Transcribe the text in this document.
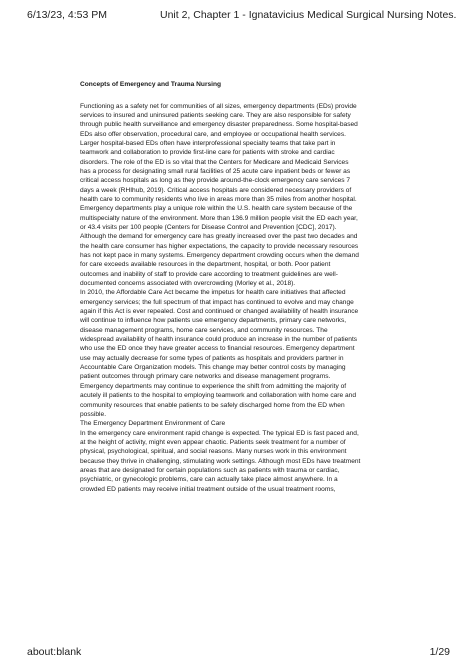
6/13/23, 4:53 PM	Unit 2, Chapter 1 - Ignatavicius Medical Surgical Nursing Notes.
Concepts of Emergency and Trauma Nursing

Functioning as a safety net for communities of all sizes, emergency departments (EDs) provide
services to insured and uninsured patients seeking care. They are also responsible for safety
through public health surveillance and emergency disaster preparedness. Some hospital-based
EDs also offer observation, procedural care, and employee or occupational health services.
Larger hospital-based EDs often have interprofessional specialty teams that take part in
teamwork and collaboration to provide first-line care for patients with stroke and cardiac
disorders. The role of the ED is so vital that the Centers for Medicare and Medicaid Services
has a process for designating small rural facilities of 25 acute care inpatient beds or fewer as
critical access hospitals as long as they provide around-the-clock emergency care services 7
days a week (RHIhub, 2019). Critical access hospitals are considered necessary providers of
health care to community residents who live in areas more than 35 miles from another hospital.
Emergency departments play a unique role within the U.S. health care system because of the
multispecialty nature of the environment. More than 136.9 million people visit the ED each year,
or 43.4 visits per 100 people (Centers for Disease Control and Prevention [CDC], 2017).
Although the demand for emergency care has greatly increased over the past two decades and
the health care consumer has higher expectations, the capacity to provide necessary resources
has not kept pace in many systems. Emergency department crowding occurs when the demand
for care exceeds available resources in the department, hospital, or both. Poor patient
outcomes and inability of staff to provide care according to treatment guidelines are well-
documented concerns associated with overcrowding (Morley et al., 2018).

In 2010, the Affordable Care Act became the impetus for health care initiatives that affected
emergency services; the full spectrum of that impact has continued to evolve and may change
again if this Act is ever repealed. Cost and continued or changed availability of health insurance
will continue to influence how patients use emergency departments, primary care networks,
disease management programs, home care services, and community resources. The
widespread availability of health insurance could produce an increase in the number of patients
who use the ED once they have greater access to financial resources. Emergency department
use may actually decrease for some types of patients as hospitals and providers partner in
Accountable Care Organization models. This change may better control costs by managing
patient outcomes through primary care networks and disease management programs.
Emergency departments may continue to experience the shift from admitting the majority of
acutely ill patients to the hospital to employing teamwork and collaboration with home care and
community resources that enable patients to be safely discharged home from the ED when
possible.

The Emergency Department Environment of Care

In the emergency care environment rapid change is expected. The typical ED is fast paced and,
at the height of activity, might even appear chaotic. Patients seek treatment for a number of
physical, psychological, spiritual, and social reasons. Many nurses work in this environment
because they thrive in challenging, stimulating work settings. Although most EDs have treatment
areas that are designated for certain populations such as patients with trauma or cardiac,
psychiatric, or gynecologic problems, care can actually take place almost anywhere. In a
crowded ED patients may receive initial treatment outside of the usual treatment rooms,

about:blank	1/29
